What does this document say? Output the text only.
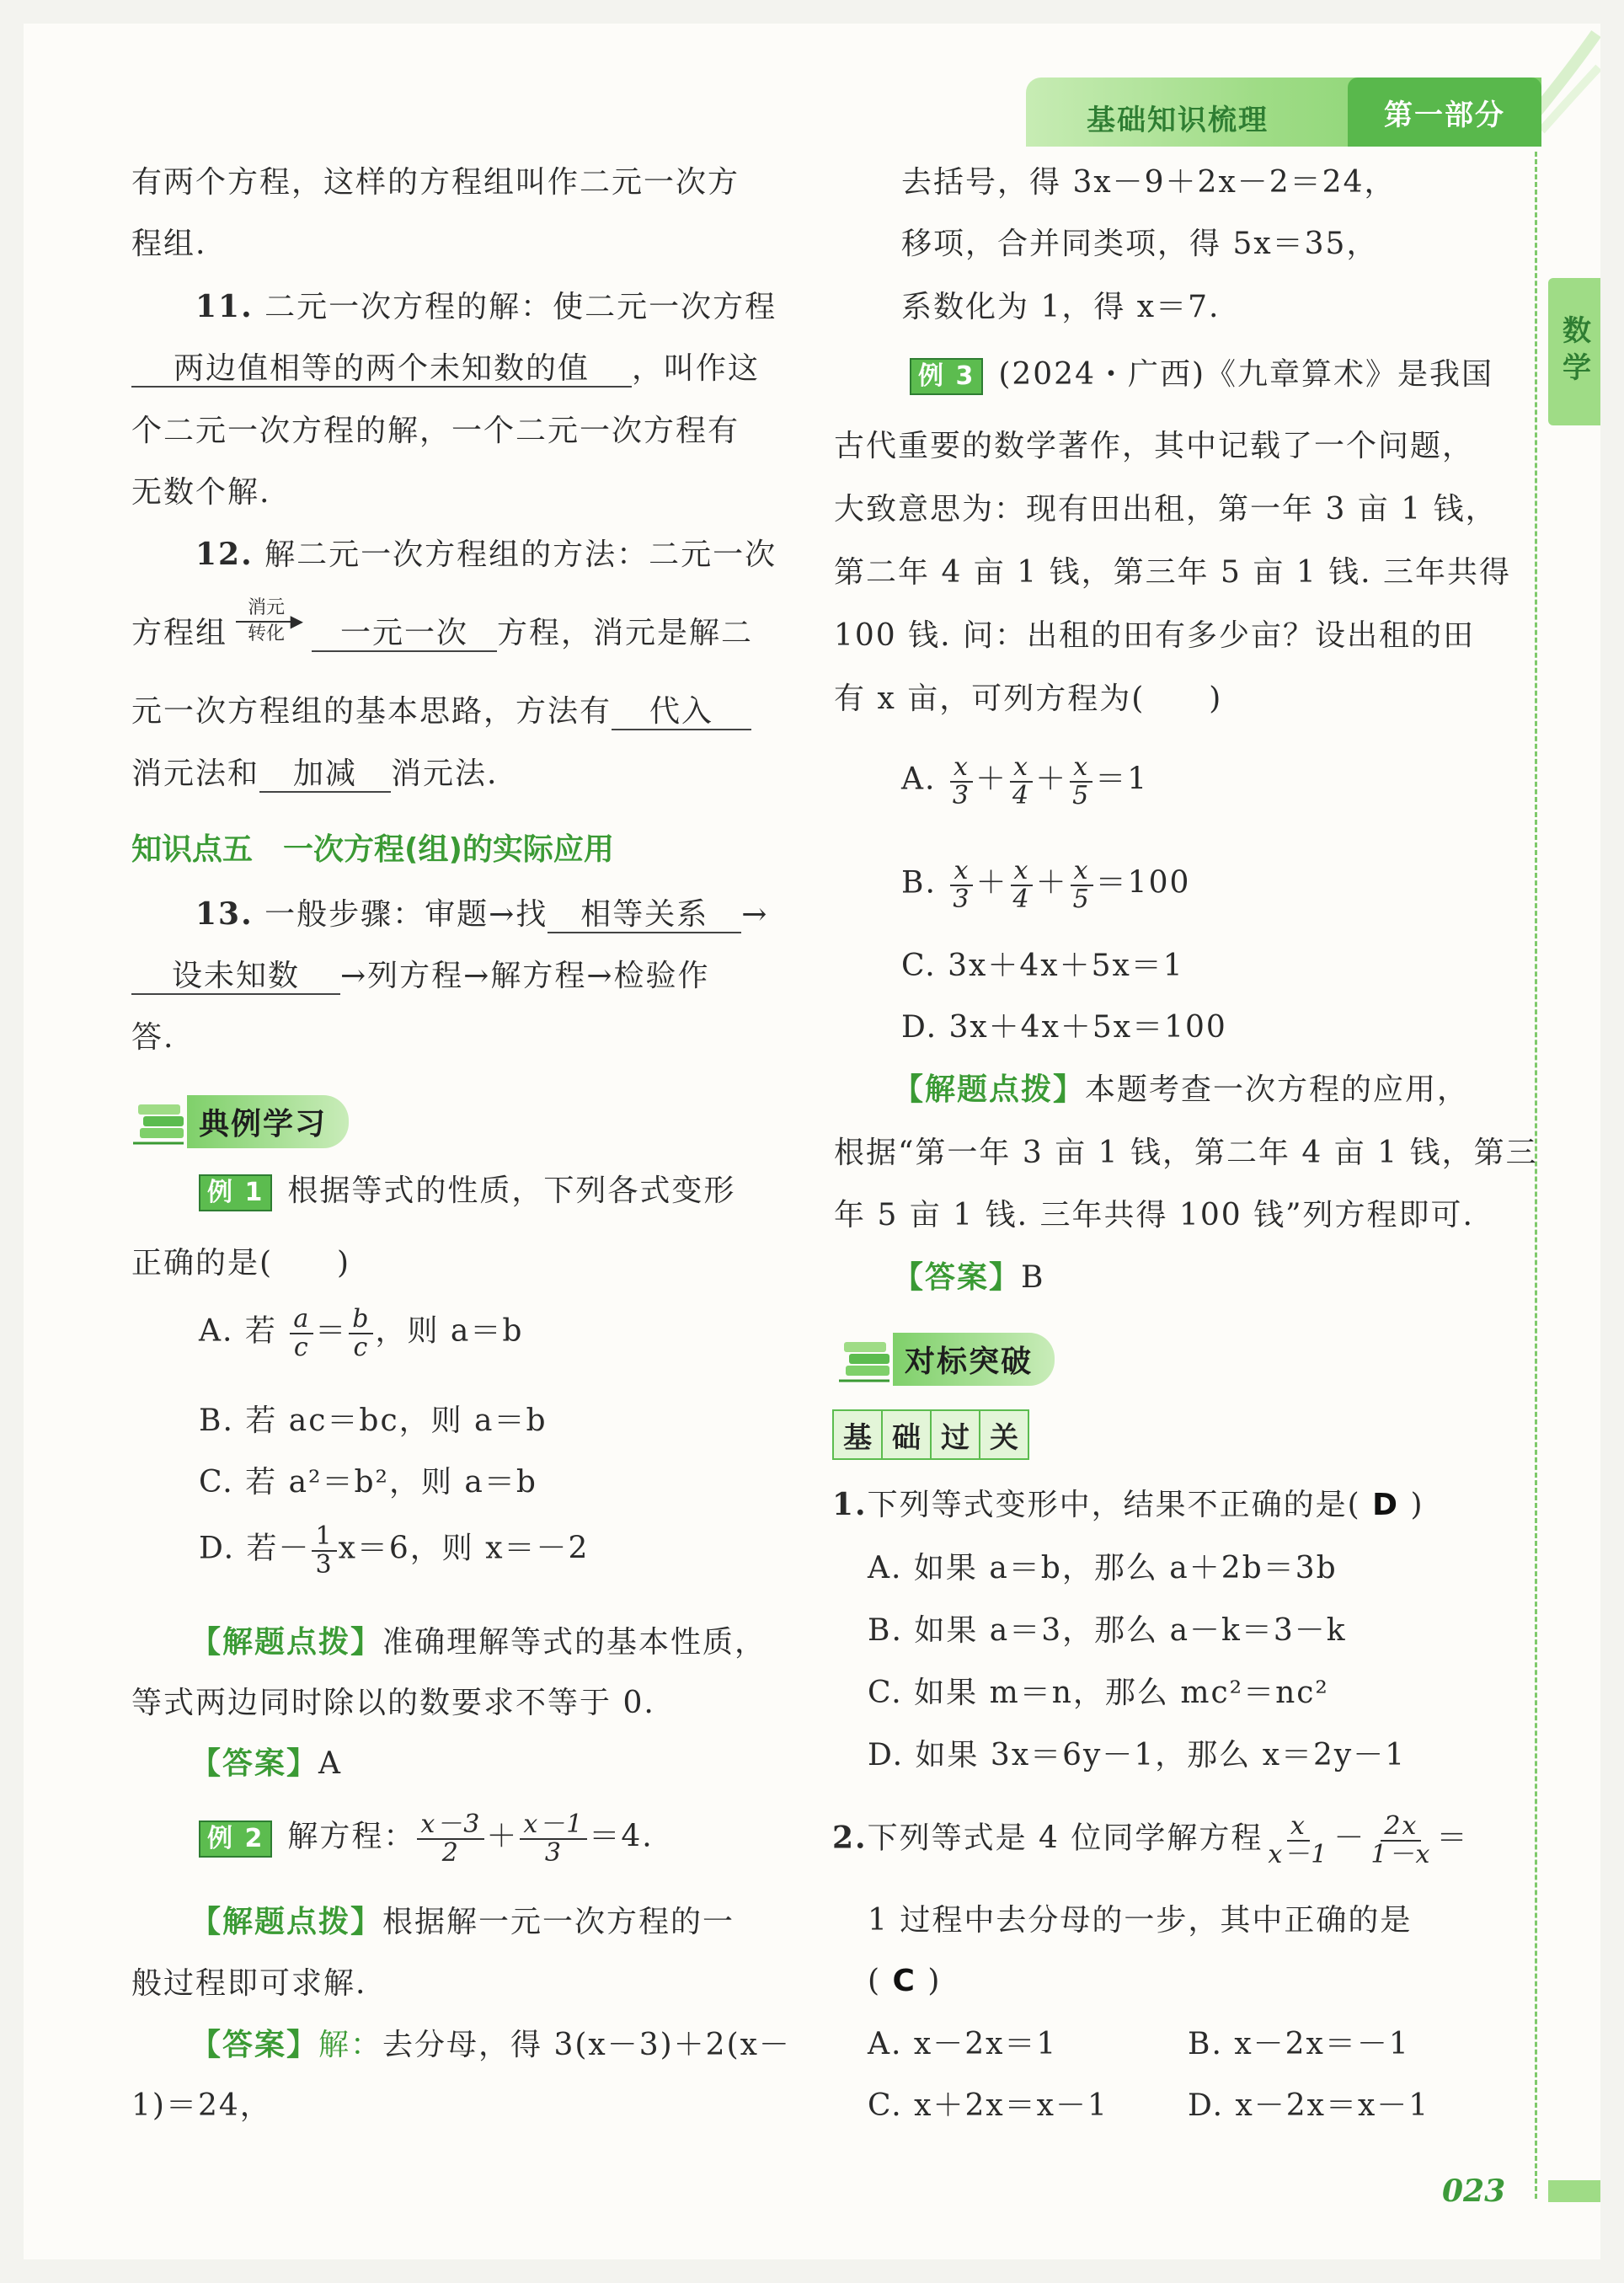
基础知识梳理	第一部分
数学
有两个方程，这样的方程组叫作二元一次方
程组.
11. 二元一次方程的解：使二元一次方程
两边值相等的两个未知数的值 ，叫作这
个二元一次方程的解，一个二元一次方程有
无数个解.
12. 解二元一次方程组的方法：二元一次
方程组
消元
▶
转化	一元一次 方程，消元是解二
元一次方程组的基本思路，方法有 代入
消元法和 加减 消元法.
知识点五　一次方程(组)的实际应用
13. 一般步骤：审题→找 相等关系 →
设未知数 →列方程→解方程→检验作
答.
典例学习
例 1 根据等式的性质，下列各式变形
正确的是(　　)
A. 若 $\frac{a}{c} = \frac{b}{c}$ ，则 a＝b
B. 若 ac＝bc，则 a＝b
C. 若 a²＝b²，则 a＝b
D. 若－ $\frac{1}{3} x=6$，则 x＝－2
【解题点拨】准确理解等式的基本性质，
等式两边同时除以的数要求不等于 0.
【答案】A
例 2 解方程： $\frac{x-3}{2} + \frac{x-1}{3} =4$.
【解题点拨】根据解一元一次方程的一
般过程即可求解.
【答案】解：去分母，得 3(x－3)＋2(x－
1)＝24，
去括号，得 3x－9＋2x－2＝24，
移项，合并同类项，得 5x＝35，
系数化为 1，得 x＝7.
例 3 (2024・广西)《九章算术》是我国
古代重要的数学著作，其中记载了一个问题，
大致意思为：现有田出租，第一年 3 亩 1 钱，
第二年 4 亩 1 钱，第三年 5 亩 1 钱. 三年共得
100 钱. 问：出租的田有多少亩？设出租的田
有 x 亩，可列方程为(　　)
A. $\frac{x}{3} + \frac{x}{4} + \frac{x}{5} =1$
B. $\frac{x}{3} + \frac{x}{4} + \frac{x}{5} =100$
C. 3x＋4x＋5x＝1
D. 3x＋4x＋5x＝100
【解题点拨】本题考查一次方程的应用，
根据“第一年 3 亩 1 钱，第二年 4 亩 1 钱，第三
年 5 亩 1 钱. 三年共得 100 钱”列方程即可.
【答案】B
对标突破
基 础 过 关
1.下列等式变形中，结果不正确的是( D )
A. 如果 a＝b，那么 a＋2b＝3b
B. 如果 a＝3，那么 a－k＝3－k
C. 如果 m＝n，那么 mc²＝nc²
D. 如果 3x＝6y－1，那么 x＝2y－1
2.下列等式是 4 位同学解方程 $\frac{x}{x-1} - \frac{2x}{1-x}$ ＝
1 过程中去分母的一步，其中正确的是
( C )
A. x－2x＝1	B. x－2x＝－1
C. x＋2x＝x－1	D. x－2x＝x－1
023
